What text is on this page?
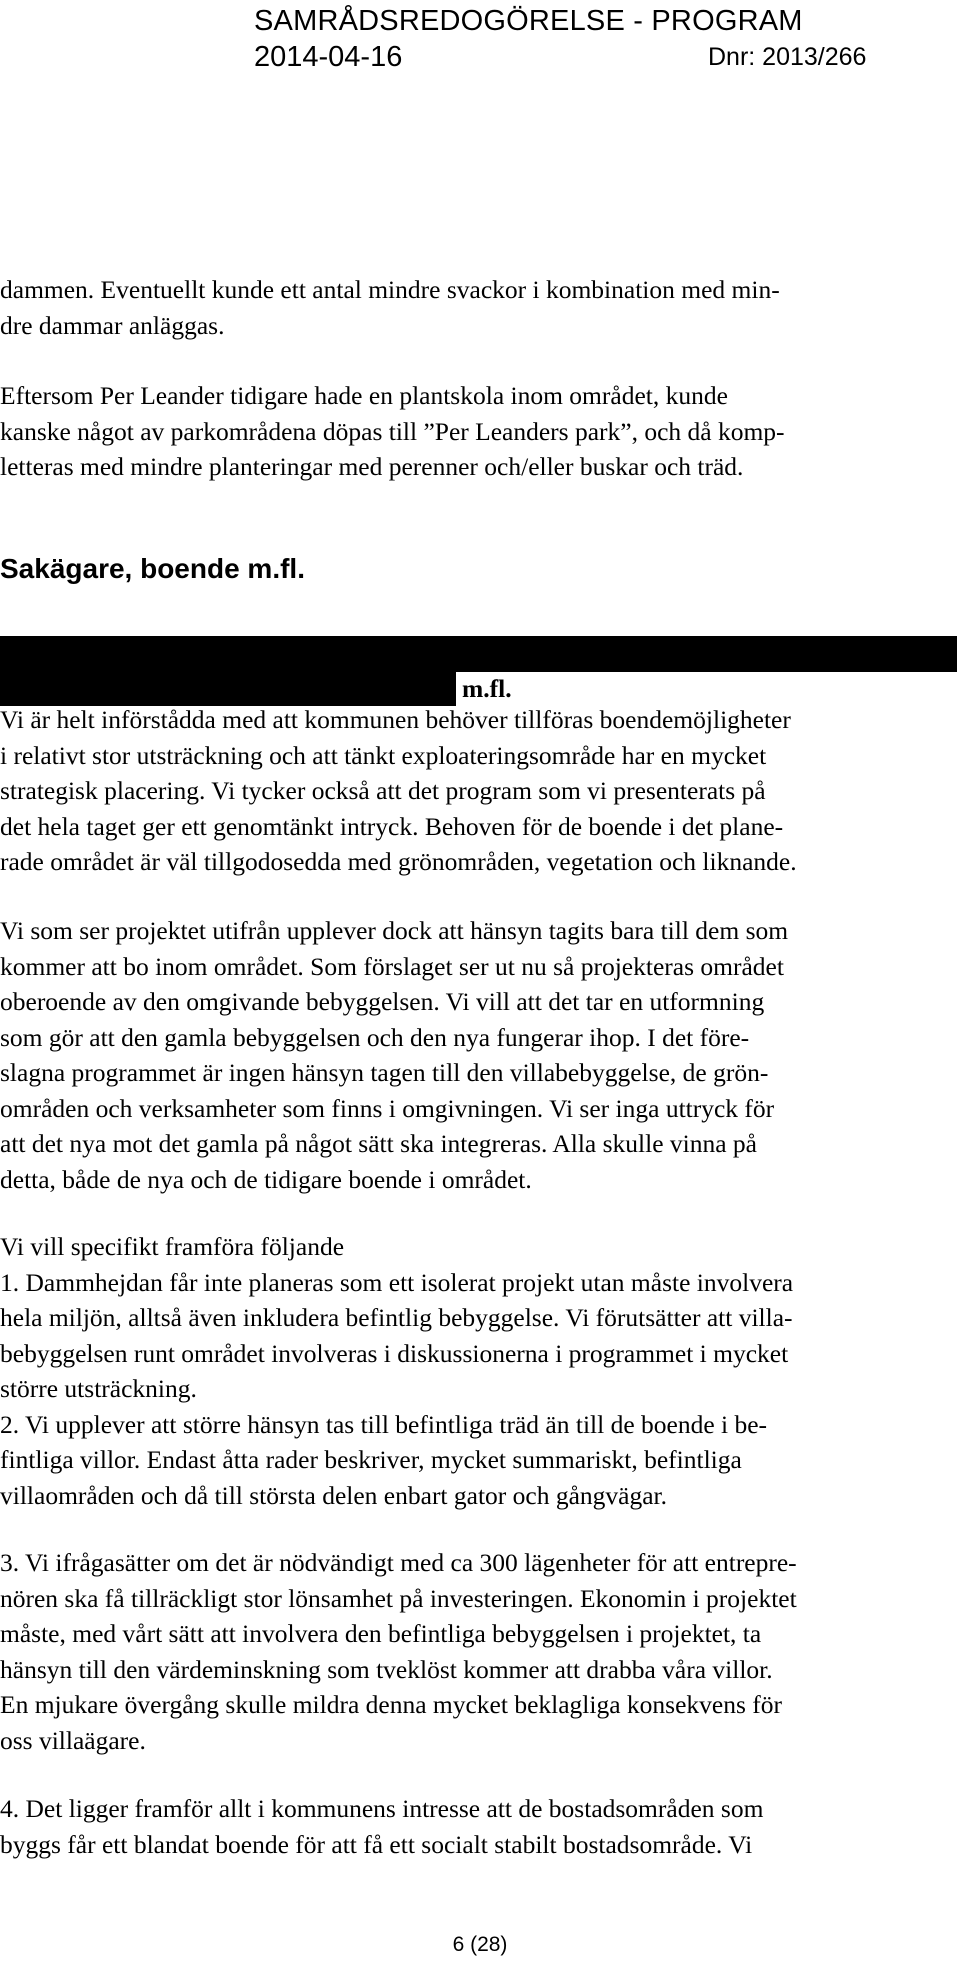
SAMRÅDSREDOGÖRELSE - PROGRAM
2014-04-16	Dnr: 2013/266
dammen. Eventuellt kunde ett antal mindre svackor i kombination med min-
dre dammar anläggas.
Eftersom Per Leander tidigare hade en plantskola inom området, kunde
kanske något av parkområdena döpas till ”Per Leanders park”, och då komp-
letteras med mindre planteringar med perenner och/eller buskar och träd.
Sakägare, boende m.fl.
m.fl.
Vi är helt införstådda med att kommunen behöver tillföras boendemöjligheter
i relativt stor utsträckning och att tänkt exploateringsområde har en mycket
strategisk placering. Vi tycker också att det program som vi presenterats på
det hela taget ger ett genomtänkt intryck. Behoven för de boende i det plane-
rade området är väl tillgodosedda med grönområden, vegetation och liknande.
Vi som ser projektet utifrån upplever dock att hänsyn tagits bara till dem som
kommer att bo inom området. Som förslaget ser ut nu så projekteras området
oberoende av den omgivande bebyggelsen. Vi vill att det tar en utformning
som gör att den gamla bebyggelsen och den nya fungerar ihop. I det före-
slagna programmet är ingen hänsyn tagen till den villabebyggelse, de grön-
områden och verksamheter som finns i omgivningen. Vi ser inga uttryck för
att det nya mot det gamla på något sätt ska integreras. Alla skulle vinna på
detta, både de nya och de tidigare boende i området.
Vi vill specifikt framföra följande
1. Dammhejdan får inte planeras som ett isolerat projekt utan måste involvera
hela miljön, alltså även inkludera befintlig bebyggelse. Vi förutsätter att villa-
bebyggelsen runt området involveras i diskussionerna i programmet i mycket
större utsträckning.
2. Vi upplever att större hänsyn tas till befintliga träd än till de boende i be-
fintliga villor. Endast åtta rader beskriver, mycket summariskt, befintliga
villaområden och då till största delen enbart gator och gångvägar.
3. Vi ifrågasätter om det är nödvändigt med ca 300 lägenheter för att entrepre-
nören ska få tillräckligt stor lönsamhet på investeringen. Ekonomin i projektet
måste, med vårt sätt att involvera den befintliga bebyggelsen i projektet, ta
hänsyn till den värdeminskning som tveklöst kommer att drabba våra villor.
En mjukare övergång skulle mildra denna mycket beklagliga konsekvens för
oss villaägare.
4. Det ligger framför allt i kommunens intresse att de bostadsområden som
byggs får ett blandat boende för att få ett socialt stabilt bostadsområde. Vi
6 (28)
